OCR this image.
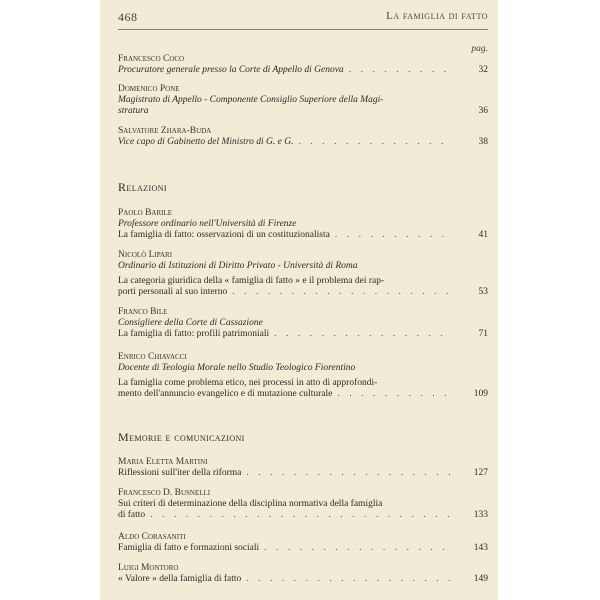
468	La famiglia di fatto
pag.
Francesco Coco
Procuratore generale presso la Corte di Appello di Genova .	32
Domenico Pone
Magistrato di Appello - Componente Consiglio Superiore della Magi-
stratura	36
Salvatore Zhara-Buda
Vice capo di Gabinetto del Ministro di G. e G. .	38
Relazioni
Paolo Barile
Professore ordinario nell'Università di Firenze
La famiglia di fatto: osservazioni di un costituzionalista .	41
Nicolò Lipari
Ordinario di Istituzioni di Diritto Privato - Università di Roma
La categoria giuridica della « famiglia di fatto » e il problema dei rap-
porti personali al suo interno .	53
Franco Bile
Consigliere della Corte di Cassazione
La famiglia di fatto: profili patrimoniali .	71
Enrico Chiavacci
Docente di Teologia Morale nello Studio Teologico Fiorentino
La famiglia come problema etico, nei processi in atto di approfondi-
mento dell'annuncio evangelico e di mutazione culturale .	109
Memorie e comunicazioni
Maria Eletta Martini
Riflessioni sull'iter della riforma .	127
Francesco D. Busnelli
Sui criteri di determinazione della disciplina normativa della famiglia
di fatto .	133
Aldo Corasaniti
Famiglia di fatto e formazioni sociali .	143
Luigi Montoro
« Valore » della famiglia di fatto .	149
